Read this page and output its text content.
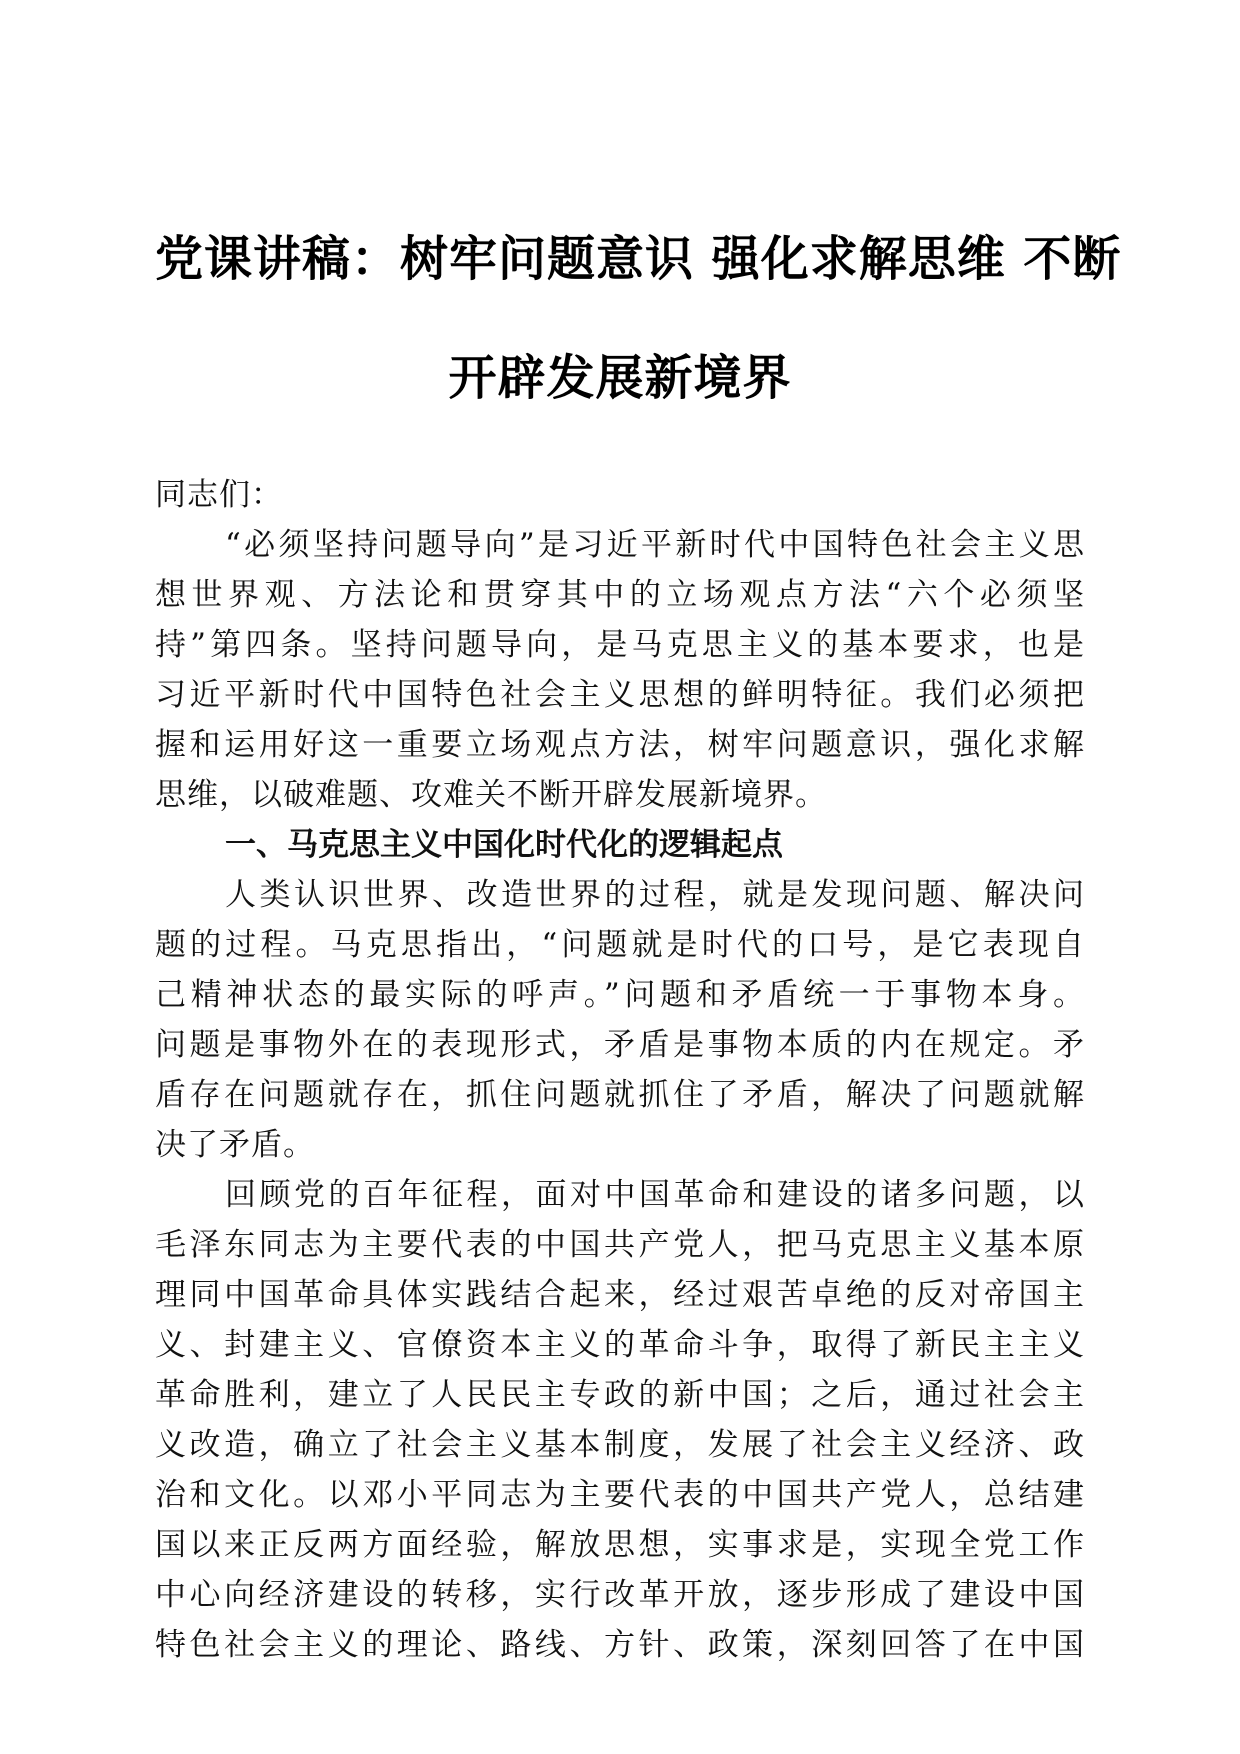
党课讲稿：树牢问题意识 强化求解思维 不断
开辟发展新境界
同志们：
“必须坚持问题导向”是习近平新时代中国特色社会主义思
想世界观、方法论和贯穿其中的立场观点方法“六个必须坚
持”第四条。坚持问题导向，是马克思主义的基本要求，也是
习近平新时代中国特色社会主义思想的鲜明特征。我们必须把
握和运用好这一重要立场观点方法，树牢问题意识，强化求解
思维，以破难题、攻难关不断开辟发展新境界。
一、马克思主义中国化时代化的逻辑起点
人类认识世界、改造世界的过程，就是发现问题、解决问
题的过程。马克思指出，“问题就是时代的口号，是它表现自
己精神状态的最实际的呼声。”问题和矛盾统一于事物本身。
问题是事物外在的表现形式，矛盾是事物本质的内在规定。矛
盾存在问题就存在，抓住问题就抓住了矛盾，解决了问题就解
决了矛盾。
回顾党的百年征程，面对中国革命和建设的诸多问题，以
毛泽东同志为主要代表的中国共产党人，把马克思主义基本原
理同中国革命具体实践结合起来，经过艰苦卓绝的反对帝国主
义、封建主义、官僚资本主义的革命斗争，取得了新民主主义
革命胜利，建立了人民民主专政的新中国；之后，通过社会主
义改造，确立了社会主义基本制度，发展了社会主义经济、政
治和文化。以邓小平同志为主要代表的中国共产党人，总结建
国以来正反两方面经验，解放思想，实事求是，实现全党工作
中心向经济建设的转移，实行改革开放，逐步形成了建设中国
特色社会主义的理论、路线、方针、政策，深刻回答了在中国
